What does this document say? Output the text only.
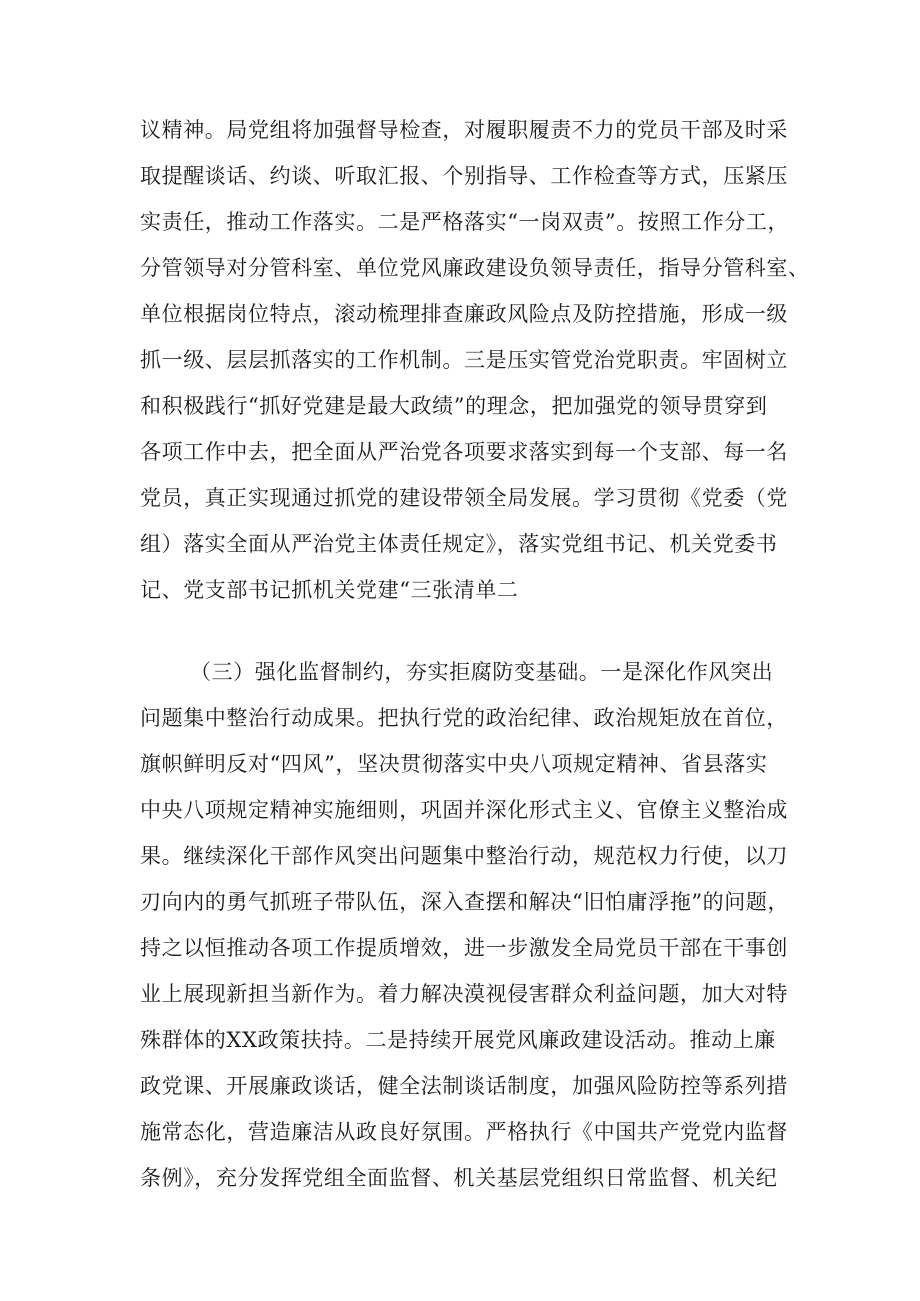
议精神。局党组将加强督导检查，对履职履责不力的党员干部及时采
取提醒谈话、约谈、听取汇报、个别指导、工作检查等方式，压紧压
实责任，推动工作落实。二是严格落实“一岗双责”。按照工作分工，
分管领导对分管科室、单位党风廉政建设负领导责任，指导分管科室、
单位根据岗位特点，滚动梳理排查廉政风险点及防控措施，形成一级
抓一级、层层抓落实的工作机制。三是压实管党治党职责。牢固树立
和积极践行“抓好党建是最大政绩”的理念，把加强党的领导贯穿到
各项工作中去，把全面从严治党各项要求落实到每一个支部、每一名
党员，真正实现通过抓党的建设带领全局发展。学习贯彻《党委（党
组）落实全面从严治党主体责任规定》，落实党组书记、机关党委书
记、党支部书记抓机关党建“三张清单二
（三）强化监督制约，夯实拒腐防变基础。一是深化作风突出
问题集中整治行动成果。把执行党的政治纪律、政治规矩放在首位，
旗帜鲜明反对“四风”，坚决贯彻落实中央八项规定精神、省县落实
中央八项规定精神实施细则，巩固并深化形式主义、官僚主义整治成
果。继续深化干部作风突出问题集中整治行动，规范权力行使，以刀
刃向内的勇气抓班子带队伍，深入查摆和解决“旧怕庸浮拖”的问题，
持之以恒推动各项工作提质增效，进一步激发全局党员干部在干事创
业上展现新担当新作为。着力解决漠视侵害群众利益问题，加大对特
殊群体的XX政策扶持。二是持续开展党风廉政建设活动。推动上廉
政党课、开展廉政谈话，健全法制谈话制度，加强风险防控等系列措
施常态化，营造廉洁从政良好氛围。严格执行《中国共产党党内监督
条例》，充分发挥党组全面监督、机关基层党组织日常监督、机关纪
